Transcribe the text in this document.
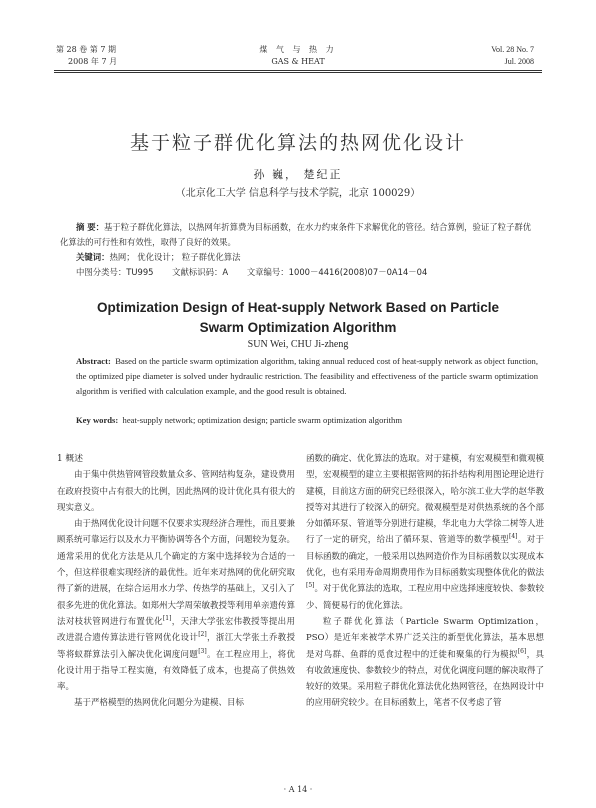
第 28 卷 第 7 期
2008 年 7 月
煤 气 与 热 力
GAS & HEAT
Vol. 28 No. 7
Jul. 2008
基于粒子群优化算法的热网优化设计
孙 巍， 楚纪正
（北京化工大学 信息科学与技术学院，北京 100029）
摘 要：基于粒子群优化算法，以热网年折算费为目标函数，在水力约束条件下求解优化的管径。结合算例，验证了粒子群优化算法的可行性和有效性，取得了良好的效果。
关键词：热网； 优化设计； 粒子群优化算法
中图分类号：TU995 文献标识码：A 文章编号：1000－4416(2008)07－0A14－04
Optimization Design of Heat-supply Network Based on Particle
Swarm Optimization Algorithm
SUN Wei, CHU Ji-zheng
Abstract: Based on the particle swarm optimization algorithm, taking annual reduced cost of heat-supply network as object function, the optimized pipe diameter is solved under hydraulic restriction. The feasibility and effectiveness of the particle swarm optimization algorithm is verified with calculation example, and the good result is obtained.
Key words: heat-supply network; optimization design; particle swarm optimization algorithm
1 概述

由于集中供热管网管段数量众多、管网结构复杂，建设费用在政府投资中占有很大的比例，因此热网的设计优化具有很大的现实意义。

由于热网优化设计问题不仅要求实现经济合理性，而且要兼顾系统可靠运行以及水力平衡协调等各个方面，问题较为复杂。通常采用的优化方法是从几个确定的方案中选择较为合适的一个，但这样很难实现经济的最优性。近年来对热网的优化研究取得了新的进展，在综合运用水力学、传热学的基础上，又引入了很多先进的优化算法。如郑州大学周荣敏教授等利用单亲遗传算法对枝状管网进行布置优化[1]，天津大学张宏伟教授等提出用改进混合遗传算法进行管网优化设计[2]，浙江大学张土乔教授等将蚁群算法引入解决优化调度问题[3]。在工程应用上，将优化设计用于指导工程实施，有效降低了成本，也提高了供热效率。

基于严格模型的热网优化问题分为建模、目标

函数的确定、优化算法的选取。对于建模，有宏观模型和微观模型，宏观模型的建立主要根据管网的拓扑结构利用图论理论进行建模，目前这方面的研究已经很深入，哈尔滨工业大学的赵华教授等对其进行了较深入的研究。微观模型是对供热系统的各个部分如循环泵、管道等分别进行建模，华北电力大学徐二树等人进行了一定的研究，给出了循环泵、管道等的数学模型[4]。对于目标函数的确定，一般采用以热网造价作为目标函数以实现成本优化，也有采用寿命周期费用作为目标函数实现整体优化的做法[5]。对于优化算法的选取，工程应用中应选择速度较快、参数较少、简便易行的优化算法。

粒子群优化算法（Particle Swarm Optimization，PSO）是近年来被学术界广泛关注的新型优化算法，基本思想是对鸟群、鱼群的觅食过程中的迁徙和聚集的行为模拟[6]，具有收敛速度快、参数较少的特点，对优化调度问题的解决取得了较好的效果。采用粒子群优化算法优化热网管径，在热网设计中的应用研究较少。在目标函数上，笔者不仅考虑了管

· A 14 ·
